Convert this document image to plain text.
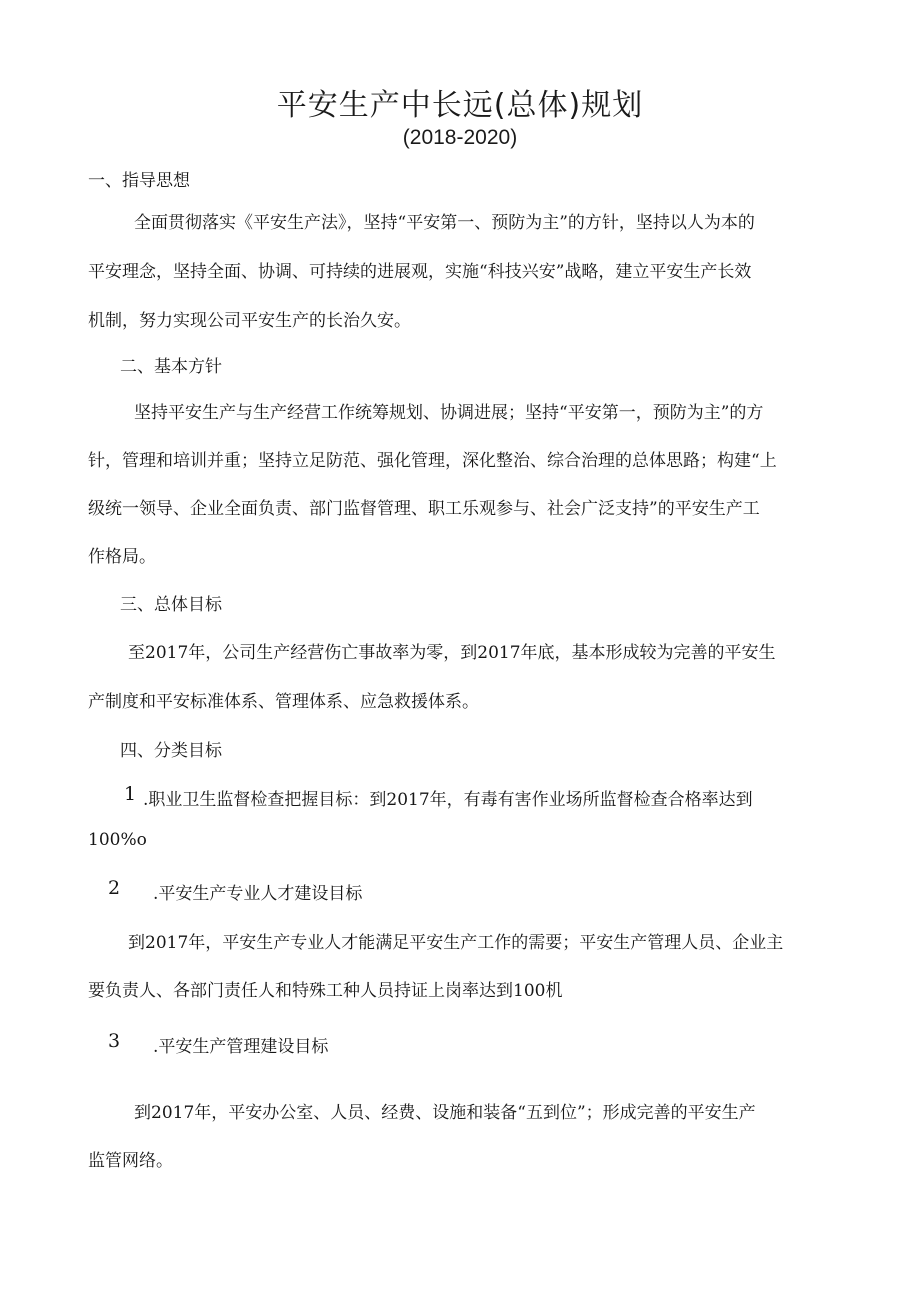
平安生产中长远(总体)规划
(2018-2020)
一、指导思想
全面贯彻落实《平安生产法》，坚持“平安第一、预防为主”的方针，坚持以人为本的
平安理念，坚持全面、协调、可持续的进展观，实施“科技兴安”战略，建立平安生产长效
机制，努力实现公司平安生产的长治久安。
二、基本方针
坚持平安生产与生产经营工作统筹规划、协调进展；坚持“平安第一，预防为主”的方
针，管理和培训并重；坚持立足防范、强化管理，深化整治、综合治理的总体思路；构建“上
级统一领导、企业全面负责、部门监督管理、职工乐观参与、社会广泛支持”的平安生产工
作格局。
三、总体目标
至2017年，公司生产经营伤亡事故率为零，到2017年底，基本形成较为完善的平安生
产制度和平安标准体系、管理体系、应急救援体系。
四、分类目标
1 .职业卫生监督检查把握目标：到2017年，有毒有害作业场所监督检查合格率达到
100%o
2 .平安生产专业人才建设目标
到2017年，平安生产专业人才能满足平安生产工作的需要；平安生产管理人员、企业主
要负责人、各部门责任人和特殊工种人员持证上岗率达到100机
3 .平安生产管理建设目标
到2017年，平安办公室、人员、经费、设施和装备“五到位”；形成完善的平安生产
监管网络。
